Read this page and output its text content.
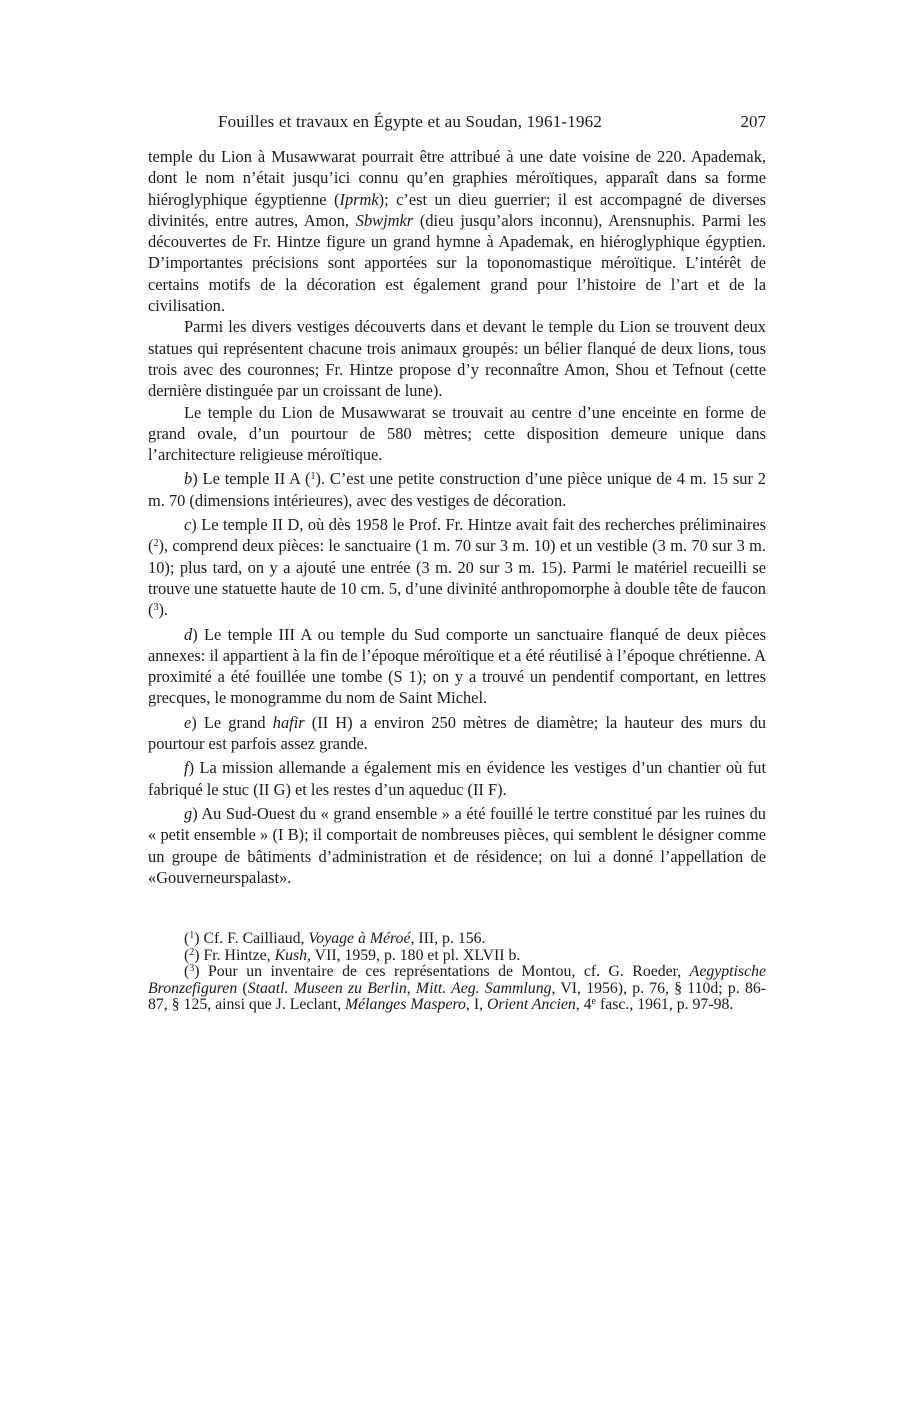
Fouilles et travaux en Égypte et au Soudan, 1961-1962	207

temple du Lion à Musawwarat pourrait être attribué à une date voisine de 220. Apademak, dont le nom n’était jusqu’ici connu qu’en graphies méroïtiques, apparaît dans sa forme hiéroglyphique égyptienne (Iprmk); c’est un dieu guerrier; il est accompagné de diverses divinités, entre autres, Amon, Sbwjmkr (dieu jusqu’alors inconnu), Arensnuphis. Parmi les découvertes de Fr. Hintze figure un grand hymne à Apademak, en hiéroglyphique égyptien. D’importantes précisions sont apportées sur la toponomastique méroïtique. L’intérêt de certains motifs de la décoration est également grand pour l’histoire de l’art et de la civilisation.

Parmi les divers vestiges découverts dans et devant le temple du Lion se trouvent deux statues qui représentent chacune trois animaux groupés: un bélier flanqué de deux lions, tous trois avec des couronnes; Fr. Hintze propose d’y reconnaître Amon, Shou et Tefnout (cette dernière distinguée par un croissant de lune).

Le temple du Lion de Musawwarat se trouvait au centre d’une enceinte en forme de grand ovale, d’un pourtour de 580 mètres; cette disposition demeure unique dans l’architecture religieuse méroïtique.

b) Le temple II A ($^1$). C’est une petite construction d’une pièce unique de 4 m. 15 sur 2 m. 70 (dimensions intérieures), avec des vestiges de décoration.

c) Le temple II D, où dès 1958 le Prof. Fr. Hintze avait fait des recherches préliminaires ($^2$), comprend deux pièces: le sanctuaire (1 m. 70 sur 3 m. 10) et un vestible (3 m. 70 sur 3 m. 10); plus tard, on y a ajouté une entrée (3 m. 20 sur 3 m. 15). Parmi le matériel recueilli se trouve une statuette haute de 10 cm. 5, d’une divinité anthropomorphe à double tête de faucon ($^3$).

d) Le temple III A ou temple du Sud comporte un sanctuaire flanqué de deux pièces annexes: il appartient à la fin de l’époque méroïtique et a été réutilisé à l’époque chrétienne. A proximité a été fouillée une tombe (S 1); on y a trouvé un pendentif comportant, en lettres grecques, le monogramme du nom de Saint Michel.

e) Le grand hafir (II H) a environ 250 mètres de diamètre; la hauteur des murs du pourtour est parfois assez grande.

f) La mission allemande a également mis en évidence les vestiges d’un chantier où fut fabriqué le stuc (II G) et les restes d’un aqueduc (II F).

g) Au Sud-Ouest du « grand ensemble » a été fouillé le tertre constitué par les ruines du « petit ensemble » (I B); il comportait de nombreuses pièces, qui semblent le désigner comme un groupe de bâtiments d’administration et de résidence; on lui a donné l’appellation de «Gouverneurspalast».

($^1$) Cf. F. Cailliaud, Voyage à Méroé, III, p. 156.

($^2$) Fr. Hintze, Kush, VII, 1959, p. 180 et pl. XLVII b.

($^3$) Pour un inventaire de ces représentations de Montou, cf. G. Roeder, Aegyptische Bronzefiguren (Staatl. Museen zu Berlin, Mitt. Aeg. Sammlung, VI, 1956), p. 76, § 110d; p. 86-87, § 125, ainsi que J. Leclant, Mélanges Maspero, I, Orient Ancien, 4e fasc., 1961, p. 97-98.
